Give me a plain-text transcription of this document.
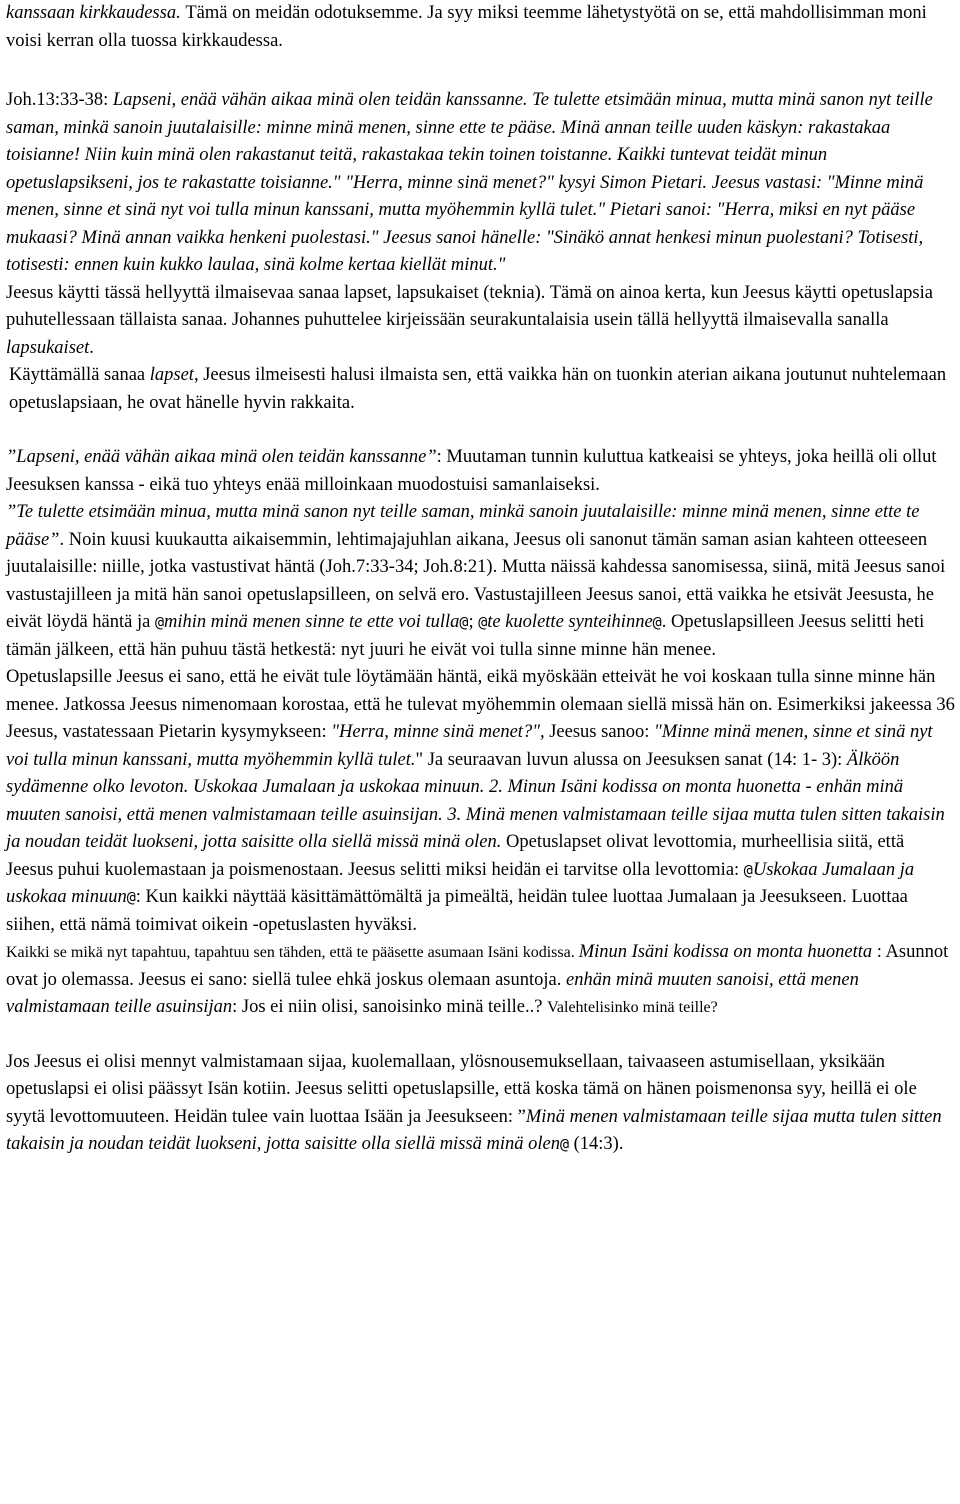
kanssaan kirkkaudessa. Tämä on meidän odotuksemme. Ja syy miksi teemme lähetystyötä on se, että mahdollisimman moni voisi kerran olla tuossa kirkkaudessa.

Joh.13:33-38: Lapseni, enää vähän aikaa minä olen teidän kanssanne. Te tulette etsimään minua, mutta minä sanon nyt teille saman, minkä sanoin juutalaisille: minne minä menen, sinne ette te pääse. Minä annan teille uuden käskyn: rakastakaa toisianne! Niin kuin minä olen rakastanut teitä, rakastakaa tekin toinen toistanne. Kaikki tuntevat teidät minun opetuslapsikseni, jos te rakastatte toisianne." "Herra, minne sinä menet?" kysyi Simon Pietari. Jeesus vastasi: "Minne minä menen, sinne et sinä nyt voi tulla minun kanssani, mutta myöhemmin kyllä tulet." Pietari sanoi: "Herra, miksi en nyt pääse mukaasi? Minä annan vaikka henkeni puolestasi." Jeesus sanoi hänelle: "Sinäkö annat henkesi minun puolestani? Totisesti, totisesti: ennen kuin kukko laulaa, sinä kolme kertaa kiellät minut."

Jeesus käytti tässä hellyyttä ilmaisevaa sanaa lapset, lapsukaiset (teknia). Tämä on ainoa kerta, kun Jeesus käytti opetuslapsia puhutellessaan tällaista sanaa. Johannes puhuttelee kirjeissään seurakuntalaisia usein tällä hellyyttä ilmaisevalla sanalla lapsukaiset.

Käyttämällä sanaa lapset, Jeesus ilmeisesti halusi ilmaista sen, että vaikka hän on tuonkin aterian aikana joutunut nuhtelemaan opetuslapsiaan, he ovat hänelle hyvin rakkaita.

”Lapseni, enää vähän aikaa minä olen teidän kanssanne”: Muutaman tunnin kuluttua katkeaisi se yhteys, joka heillä oli ollut Jeesuksen kanssa - eikä tuo yhteys enää milloinkaan muodostuisi samanlaiseksi.

”Te tulette etsimään minua, mutta minä sanon nyt teille saman, minkä sanoin juutalaisille: minne minä menen, sinne ette te pääse”. Noin kuusi kuukautta aikaisemmin, lehtimajajuhlan aikana, Jeesus oli sanonut tämän saman asian kahteen otteeseen juutalaisille: niille, jotka vastustivat häntä (Joh.7:33-34; Joh.8:21). Mutta näissä kahdessa sanomisessa, siinä, mitä Jeesus sanoi vastustajilleen ja mitä hän sanoi opetuslapsilleen, on selvä ero. Vastustajilleen Jeesus sanoi, että vaikka he etsivät Jeesusta, he eivät löydä häntä ja @mihin minä menen sinne te ette voi tulla@; @te kuolette synteihinne@. Opetuslapsilleen Jeesus selitti heti tämän jälkeen, että hän puhuu tästä hetkestä: nyt juuri he eivät voi tulla sinne minne hän menee.

Opetuslapsille Jeesus ei sano, että he eivät tule löytämään häntä, eikä myöskään etteivät he voi koskaan tulla sinne minne hän menee. Jatkossa Jeesus nimenomaan korostaa, että he tulevat myöhemmin olemaan siellä missä hän on. Esimerkiksi jakeessa 36 Jeesus, vastatessaan Pietarin kysymykseen: "Herra, minne sinä menet?", Jeesus sanoo: "Minne minä menen, sinne et sinä nyt voi tulla minun kanssani, mutta myöhemmin kyllä tulet." Ja seuraavan luvun alussa on Jeesuksen sanat (14: 1- 3): Älköön sydämenne olko levoton. Uskokaa Jumalaan ja uskokaa minuun. 2. Minun Isäni kodissa on monta huonetta - enhän minä muuten sanoisi, että menen valmistamaan teille asuinsijan. 3. Minä menen valmistamaan teille sijaa mutta tulen sitten takaisin ja noudan teidät luokseni, jotta saisitte olla siellä missä minä olen. Opetuslapset olivat levottomia, murheellisia siitä, että Jeesus puhui kuolemastaan ja poismenostaan. Jeesus selitti miksi heidän ei tarvitse olla levottomia: @Uskokaa Jumalaan ja uskokaa minuun@: Kun kaikki näyttää käsittämättömältä ja pimeältä, heidän tulee luottaa Jumalaan ja Jeesukseen. Luottaa siihen, että nämä toimivat oikein -opetuslasten hyväksi.

Kaikki se mikä nyt tapahtuu, tapahtuu sen tähden, että te pääsette asumaan Isäni kodissa. Minun Isäni kodissa on monta huonetta : Asunnot ovat jo olemassa. Jeesus ei sano: siellä tulee ehkä joskus olemaan asuntoja. enhän minä muuten sanoisi, että menen valmistamaan teille asuinsijan: Jos ei niin olisi, sanoisinko minä teille..? Valehtelisinko minä teille?

Jos Jeesus ei olisi mennyt valmistamaan sijaa, kuolemallaan, ylösnousemuksellaan, taivaaseen astumisellaan, yksikään opetuslapsi ei olisi päässyt Isän kotiin. Jeesus selitti opetuslapsille, että koska tämä on hänen poismenonsa syy, heillä ei ole syytä levottomuuteen. Heidän tulee vain luottaa Isään ja Jeesukseen: ”Minä menen valmistamaan teille sijaa mutta tulen sitten takaisin ja noudan teidät luokseni, jotta saisitte olla siellä missä minä olen@ (14:3).
